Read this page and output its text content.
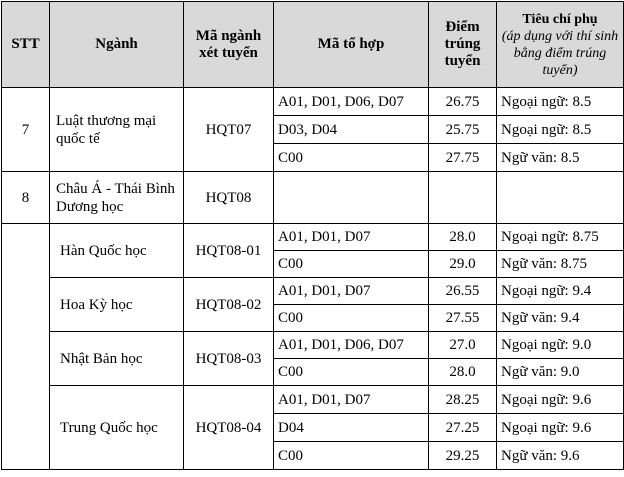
STT	Ngành	Mã ngành xét tuyển	Mã tổ hợp	Điểm trúng tuyển	Tiêu chí phụ
(áp dụng với thí sinh bằng điểm trúng tuyển)

7	Luật thương mại quốc tế	HQT07	A01, D01, D06, D07	26.75	Ngoại ngữ: 8.5
			D03, D04	25.75	Ngoại ngữ: 8.5
			C00	27.75	Ngữ văn: 8.5
8	Châu Á - Thái Bình Dương học	HQT08			
	Hàn Quốc học	HQT08-01	A01, D01, D07	28.0	Ngoại ngữ: 8.75
			C00	29.0	Ngữ văn: 8.75
	Hoa Kỳ học	HQT08-02	A01, D01, D07	26.55	Ngoại ngữ: 9.4
			C00	27.55	Ngữ văn: 9.4
	Nhật Bản học	HQT08-03	A01, D01, D06, D07	27.0	Ngoại ngữ: 9.0
			C00	28.0	Ngữ văn: 9.0
	Trung Quốc học	HQT08-04	A01, D01, D07	28.25	Ngoại ngữ: 9.6
			D04	27.25	Ngoại ngữ: 9.6
			C00	29.25	Ngữ văn: 9.6
